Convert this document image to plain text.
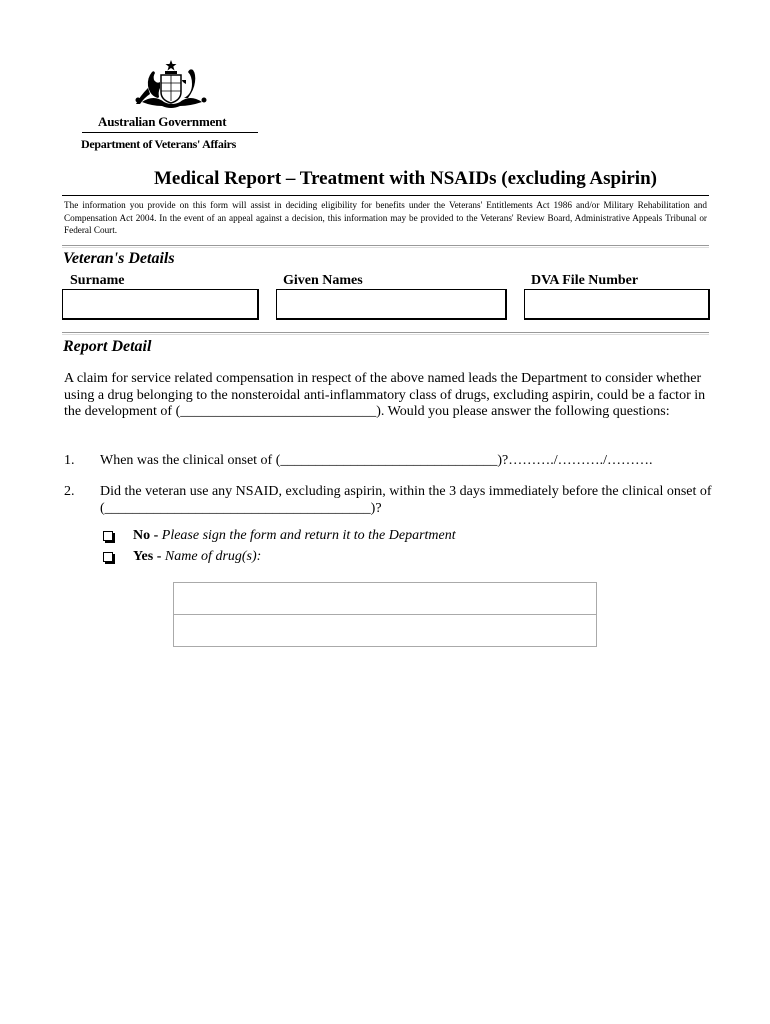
Australian Government
Department of Veterans' Affairs
Medical Report – Treatment with NSAIDs (excluding Aspirin)
The information you provide on this form will assist in deciding eligibility for benefits under the Veterans' Entitlements Act 1986 and/or Military Rehabilitation and Compensation Act 2004. In the event of an appeal against a decision, this information may be provided to the Veterans' Review Board, Administrative Appeals Tribunal or Federal Court.
Veteran's Details
Surname	Given Names	DVA File Number
Report Detail
A claim for service related compensation in respect of the above named leads the Department to consider whether using a drug belonging to the nonsteroidal anti-inflammatory class of drugs, excluding aspirin, could be a factor in the development of (____________________________). Would you please answer the following questions:
1. When was the clinical onset of (_______________________________)?………./………./……….
2. Did the veteran use any NSAID, excluding aspirin, within the 3 days immediately before the clinical onset of (______________________________________)?
No - Please sign the form and return it to the Department
Yes - Name of drug(s):
